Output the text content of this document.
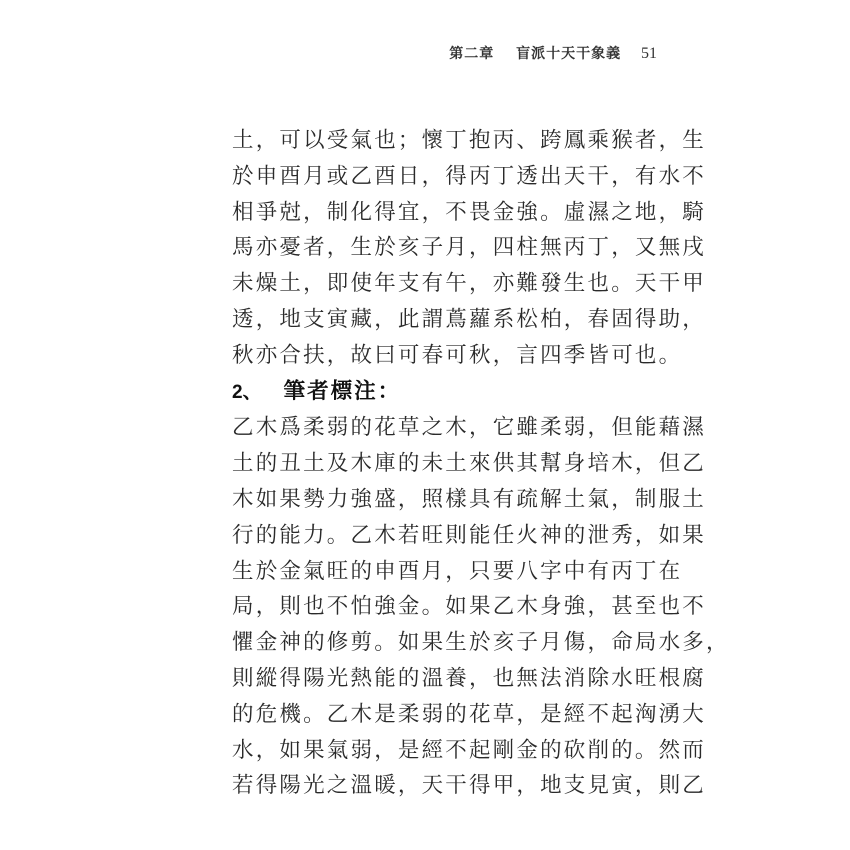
第二章 盲派十天干象義 51
土，可以受氣也；懷丁抱丙、跨鳳乘猴者，生
於申酉月或乙酉日，得丙丁透出天干，有水不
相爭尅，制化得宜，不畏金強。虛濕之地，騎
馬亦憂者，生於亥子月，四柱無丙丁，又無戌
未燥土，即使年支有午，亦難發生也。天干甲
透，地支寅藏，此謂蔦蘿系松柏，春固得助，
秋亦合扶，故曰可春可秋，言四季皆可也。
2、 筆者標注：
乙木爲柔弱的花草之木，它雖柔弱，但能藉濕
土的丑土及木庫的未土來供其幫身培木，但乙
木如果勢力強盛，照樣具有疏解土氣，制服土
行的能力。乙木若旺則能任火神的泄秀，如果
生於金氣旺的申酉月，只要八字中有丙丁在
局，則也不怕強金。如果乙木身強，甚至也不
懼金神的修剪。如果生於亥子月傷，命局水多，
則縱得陽光熱能的溫養，也無法消除水旺根腐
的危機。乙木是柔弱的花草，是經不起洶湧大
水，如果氣弱，是經不起剛金的砍削的。然而
若得陽光之溫暖，天干得甲，地支見寅，則乙
